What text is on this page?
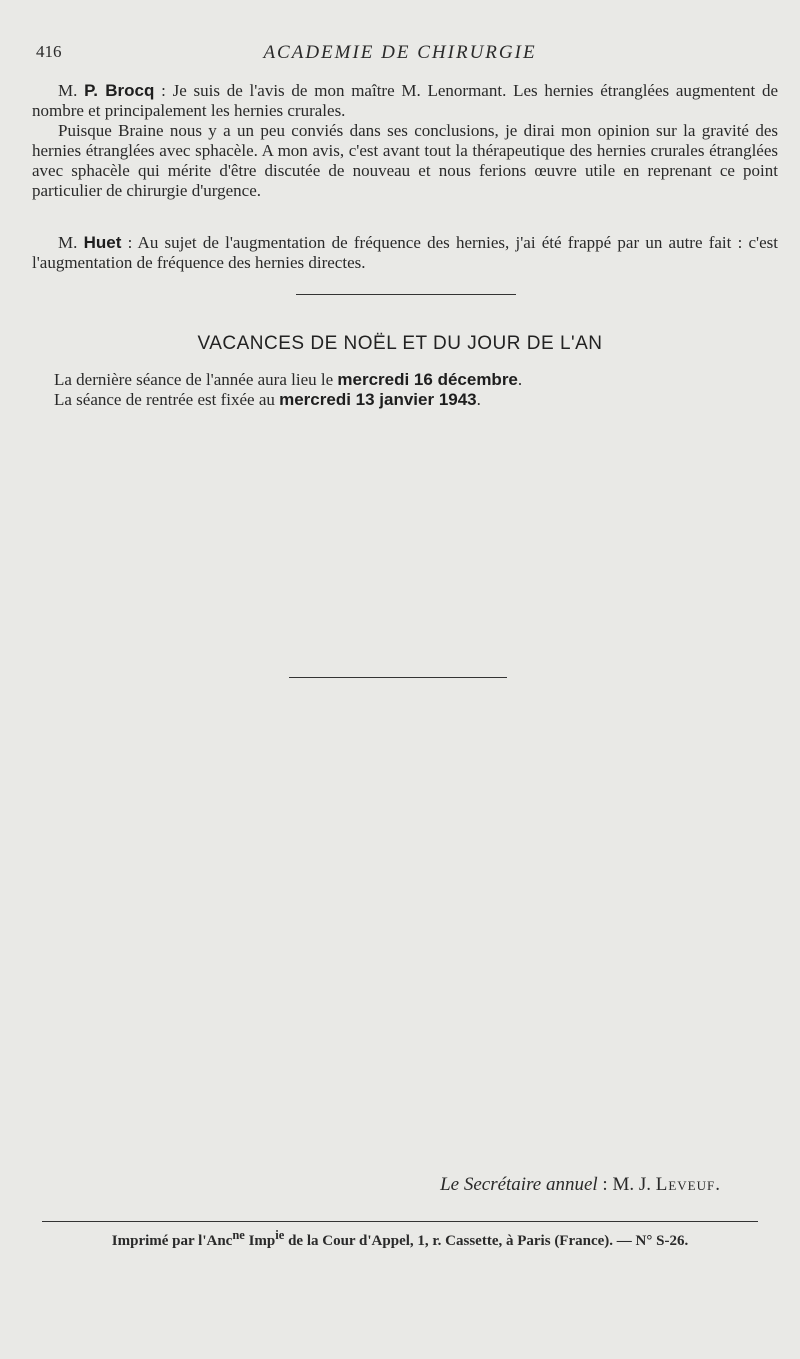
416	ACADEMIE DE CHIRURGIE

M. P. Brocq : Je suis de l'avis de mon maître M. Lenormant. Les hernies étranglées augmentent de nombre et principalement les hernies crurales.

Puisque Braine nous y a un peu conviés dans ses conclusions, je dirai mon opinion sur la gravité des hernies étranglées avec sphacèle. A mon avis, c'est avant tout la thérapeutique des hernies crurales étranglées avec sphacèle qui mérite d'être discutée de nouveau et nous ferions œuvre utile en reprenant ce point particulier de chirurgie d'urgence.

M. Huet : Au sujet de l'augmentation de fréquence des hernies, j'ai été frappé par un autre fait : c'est l'augmentation de fréquence des hernies directes.

VACANCES DE NOËL ET DU JOUR DE L'AN
La dernière séance de l'année aura lieu le mercredi 16 décembre.
La séance de rentrée est fixée au mercredi 13 janvier 1943.
Le Secrétaire annuel : M. J. Leveuf.
Imprimé par l'Anc$^{ne}$ Imp$^{ie}$ de la Cour d'Appel, 1, r. Cassette, à Paris (France). — N° S-26.
